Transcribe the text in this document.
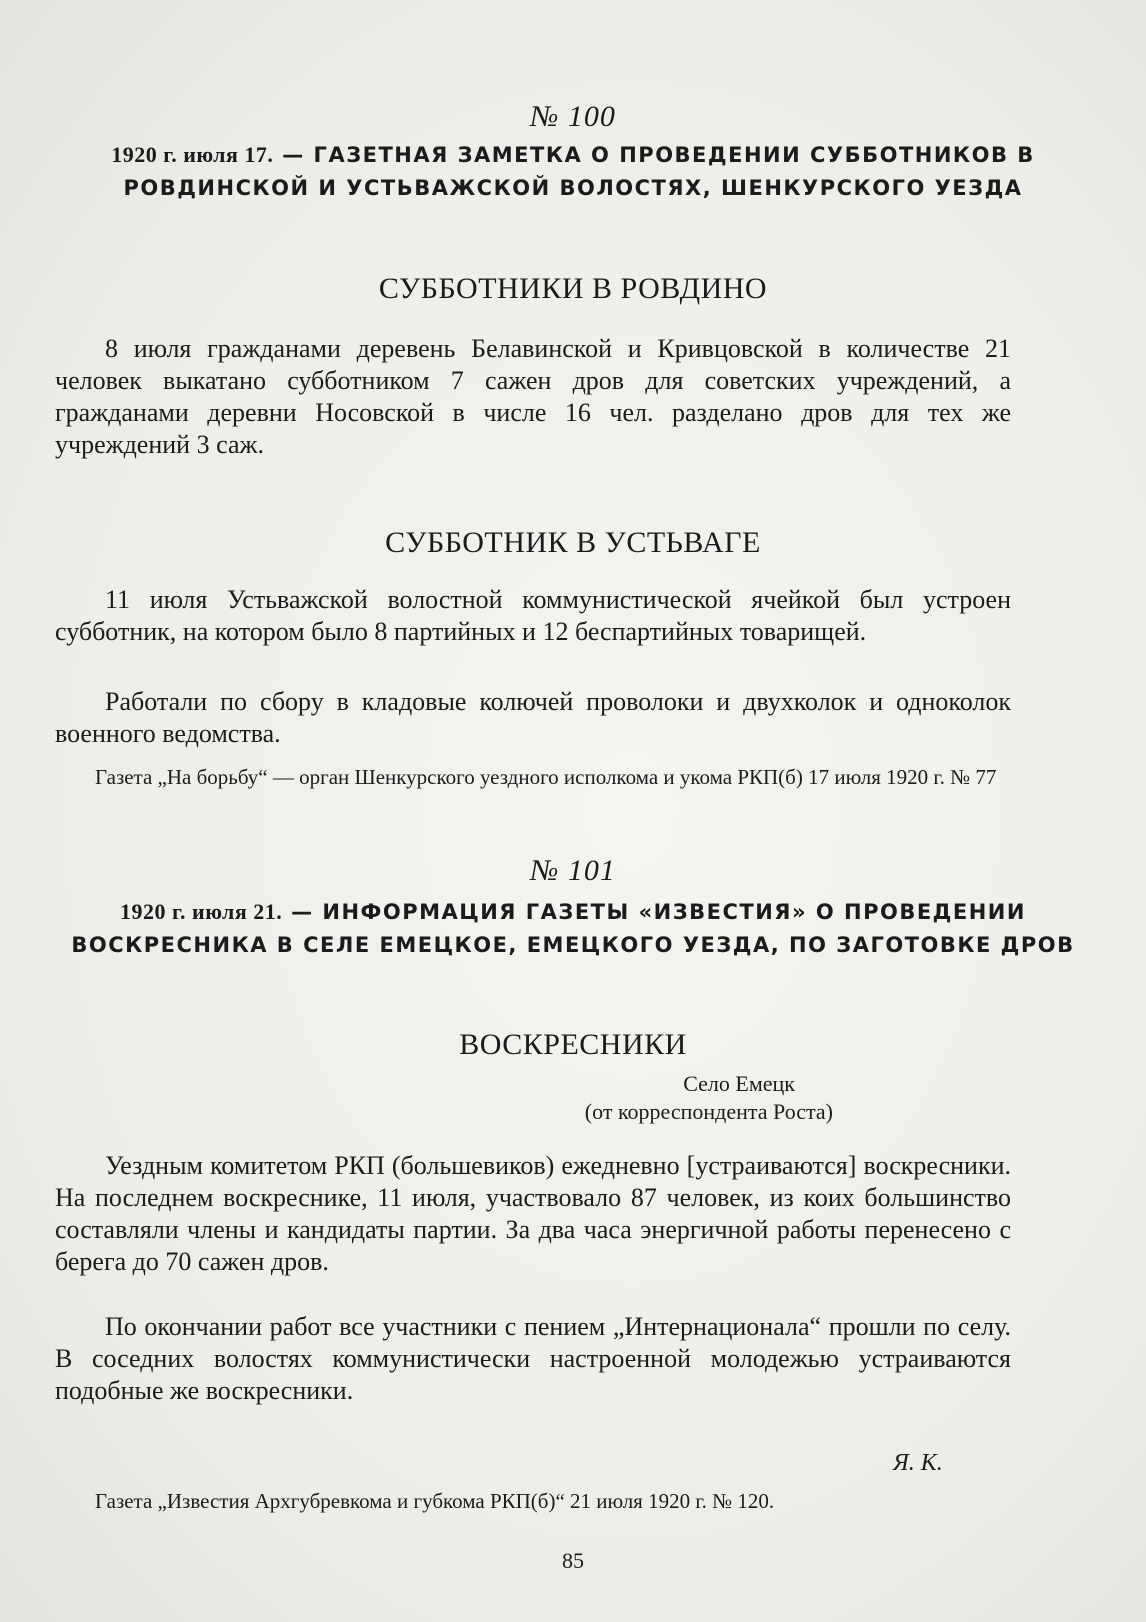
№ 100
1920 г. июля 17. — ГАЗЕТНАЯ ЗАМЕТКА О ПРОВЕДЕНИИ СУББОТНИКОВ В РОВДИНСКОЙ И УСТЬВАЖСКОЙ ВОЛОСТЯХ, ШЕНКУРСКОГО УЕЗДА
СУББОТНИКИ В РОВДИНО

8 июля гражданами деревень Белавинской и Кривцовской в количестве 21 человек выкатано субботником 7 сажен дров для советских учреждений, а гражданами деревни Носовской в числе 16 чел. разделано дров для тех же учреждений 3 саж.

СУББОТНИК В УСТЬВАГЕ

11 июля Устьважской волостной коммунистической ячейкой был устроен субботник, на котором было 8 партийных и 12 беспартийных товарищей.

Работали по сбору в кладовые колючей проволоки и двухколок и одноколок военного ведомства.

Газета „На борьбу“ — орган Шенкурского уездного исполкома и укома РКП(б) 17 июля 1920 г. № 77

№ 101
1920 г. июля 21. — ИНФОРМАЦИЯ ГАЗЕТЫ «ИЗВЕСТИЯ» О ПРОВЕДЕНИИ ВОСКРЕСНИКА В СЕЛЕ ЕМЕЦКОЕ, ЕМЕЦКОГО УЕЗДА, ПО ЗАГОТОВКЕ ДРОВ
ВОСКРЕСНИКИ
Село Емецк
(от корреспондента Роста)

Уездным комитетом РКП (большевиков) ежедневно [устраиваются] воскресники. На последнем воскреснике, 11 июля, участвовало 87 человек, из коих большинство составляли члены и кандидаты партии. За два часа энергичной работы перенесено с берега до 70 сажен дров.

По окончании работ все участники с пением „Интернационала“ прошли по селу. В соседних волостях коммунистически настроенной молодежью устраиваются подобные же воскресники.

Я. К.

Газета „Известия Архгубревкома и губкома РКП(б)“ 21 июля 1920 г. № 120.

85
